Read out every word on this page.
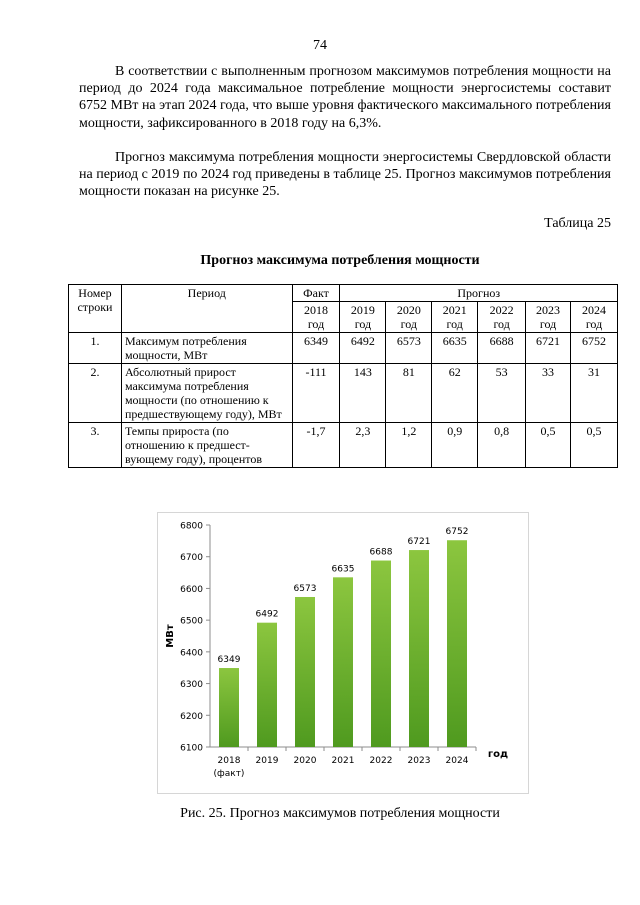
74

В соответствии с выполненным прогнозом максимумов потребления мощности на период до 2024 года максимальное потребление мощности энергосистемы составит 6752 МВт на этап 2024 года, что выше уровня фактического максимального потребления мощности, зафиксированного в 2018 году на 6,3%.

Прогноз максимума потребления мощности энергосистемы Свердловской области на период с 2019 по 2024 год приведены в таблице 25. Прогноз максимумов потребления мощности показан на рисунке 25.

Таблица 25
Прогноз максимума потребления мощности
Номер строки	Период	Факт	Прогноз					
		2018 год	2019 год	2020 год	2021 год	2022 год	2023 год	2024 год
1.	Максимум потребления мощности, МВт	6349	6492	6573	6635	6688	6721	6752
2.	Абсолютный прирост максимума потребления мощности (по отношению к предшествующему году), МВт	-111	143	81	62	53	33	31
3.	Темпы прироста (по отношению к предшест-вующему году), процентов	-1,7	2,3	1,2	0,9	0,8	0,5	0,5
6100
6200
6300
6400
6500
6600
6700
6800
МВт
год
6349
2018
(факт)
6492
2019
6573
2020
6635
2021
6688
2022
6721
2023
6752
2024
Рис. 25. Прогноз максимумов потребления мощности
